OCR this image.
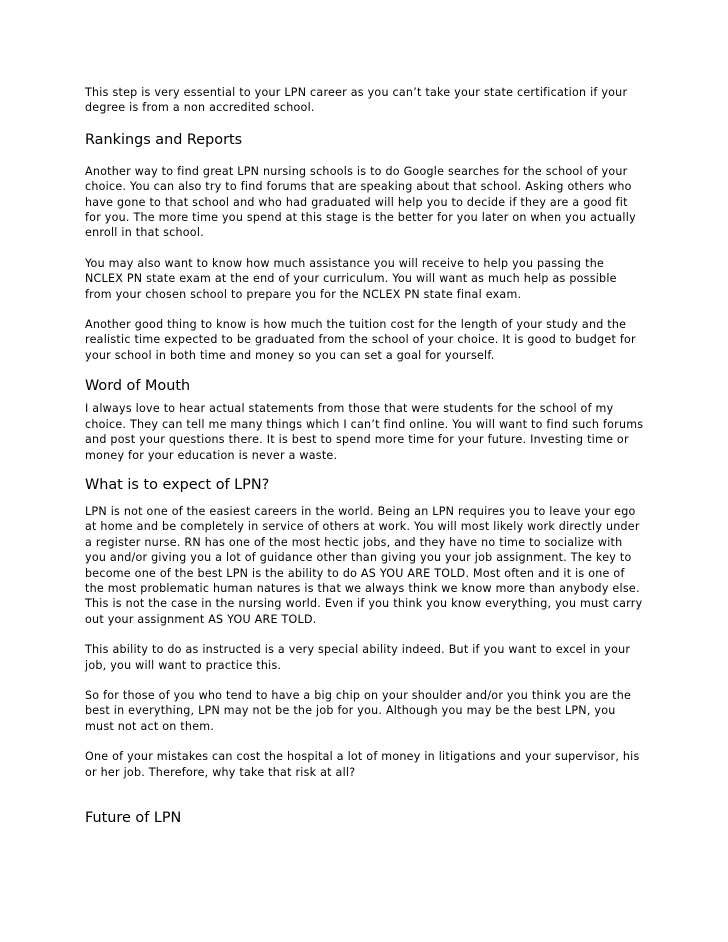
This step is very essential to your LPN career as you can’t take your state certification if your degree is from a non accredited school.

Rankings and Reports

Another way to find great LPN nursing schools is to do Google searches for the school of your choice. You can also try to find forums that are speaking about that school. Asking others who have gone to that school and who had graduated will help you to decide if they are a good fit for you. The more time you spend at this stage is the better for you later on when you actually enroll in that school.

You may also want to know how much assistance you will receive to help you passing the NCLEX PN state exam at the end of your curriculum. You will want as much help as possible from your chosen school to prepare you for the NCLEX PN state final exam.

Another good thing to know is how much the tuition cost for the length of your study and the realistic time expected to be graduated from the school of your choice. It is good to budget for your school in both time and money so you can set a goal for yourself.

Word of Mouth

I always love to hear actual statements from those that were students for the school of my choice. They can tell me many things which I can’t find online. You will want to find such forums and post your questions there. It is best to spend more time for your future. Investing time or money for your education is never a waste.

What is to expect of LPN?

LPN is not one of the easiest careers in the world. Being an LPN requires you to leave your ego at home and be completely in service of others at work. You will most likely work directly under a register nurse. RN has one of the most hectic jobs, and they have no time to socialize with you and/or giving you a lot of guidance other than giving you your job assignment. The key to become one of the best LPN is the ability to do AS YOU ARE TOLD. Most often and it is one of the most problematic human natures is that we always think we know more than anybody else. This is not the case in the nursing world. Even if you think you know everything, you must carry out your assignment AS YOU ARE TOLD.

This ability to do as instructed is a very special ability indeed. But if you want to excel in your job, you will want to practice this.

So for those of you who tend to have a big chip on your shoulder and/or you think you are the best in everything, LPN may not be the job for you. Although you may be the best LPN, you must not act on them.

One of your mistakes can cost the hospital a lot of money in litigations and your supervisor, his or her job. Therefore, why take that risk at all?

Future of LPN
